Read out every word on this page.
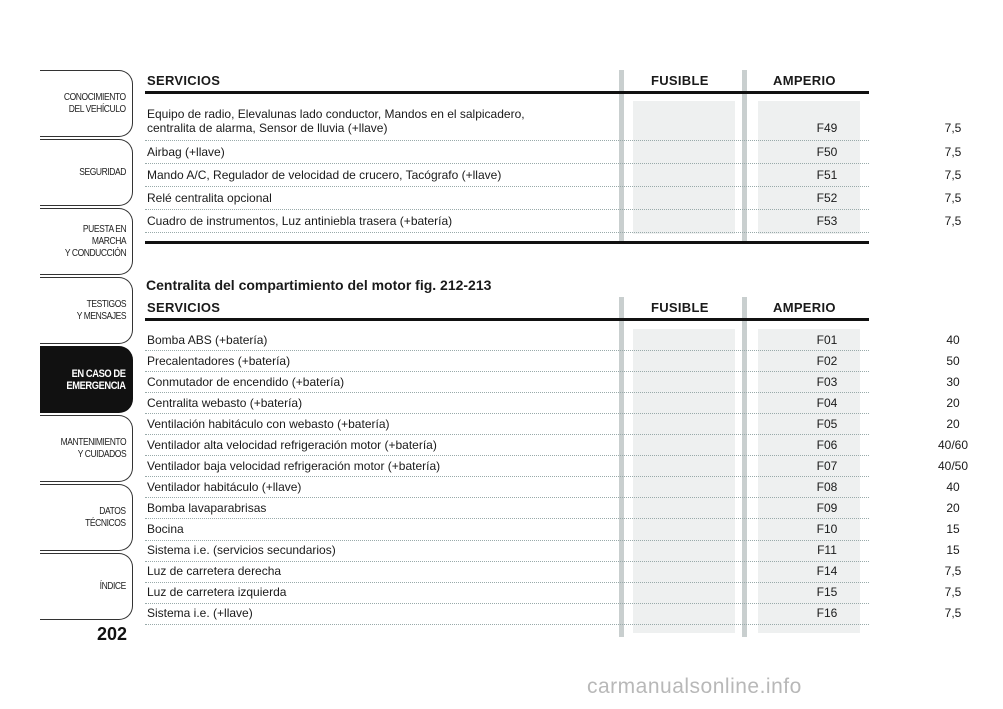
CONOCIMIENTO
DEL VEHÍCULO
SEGURIDAD
PUESTA EN
MARCHA
Y CONDUCCIÓN
TESTIGOS
Y MENSAJES
EN CASO DE
EMERGENCIA
MANTENIMIENTO
Y CUIDADOS
DATOS
TÉCNICOS
ÍNDICE
202
SERVICIOS	FUSIBLE	AMPERIO
Equipo de radio, Elevalunas lado conductor, Mandos en el salpicadero,
centralita de alarma, Sensor de lluvia (+llave)	F49	7,5
Airbag (+llave)	F50	7,5
Mando A/C, Regulador de velocidad de crucero, Tacógrafo (+llave)	F51	7,5
Relé centralita opcional	F52	7,5
Cuadro de instrumentos, Luz antiniebla trasera (+batería)	F53	7,5
Centralita del compartimiento del motor fig. 212-213
SERVICIOS	FUSIBLE	AMPERIO
Bomba ABS (+batería)	F01	40
Precalentadores (+batería)	F02	50
Conmutador de encendido (+batería)	F03	30
Centralita webasto (+batería)	F04	20
Ventilación habitáculo con webasto (+batería)	F05	20
Ventilador alta velocidad refrigeración motor (+batería)	F06	40/60
Ventilador baja velocidad refrigeración motor (+batería)	F07	40/50
Ventilador habitáculo (+llave)	F08	40
Bomba lavaparabrisas	F09	20
Bocina	F10	15
Sistema i.e. (servicios secundarios)	F11	15
Luz de carretera derecha	F14	7,5
Luz de carretera izquierda	F15	7,5
Sistema i.e. (+llave)	F16	7,5
carmanualsonline.info
